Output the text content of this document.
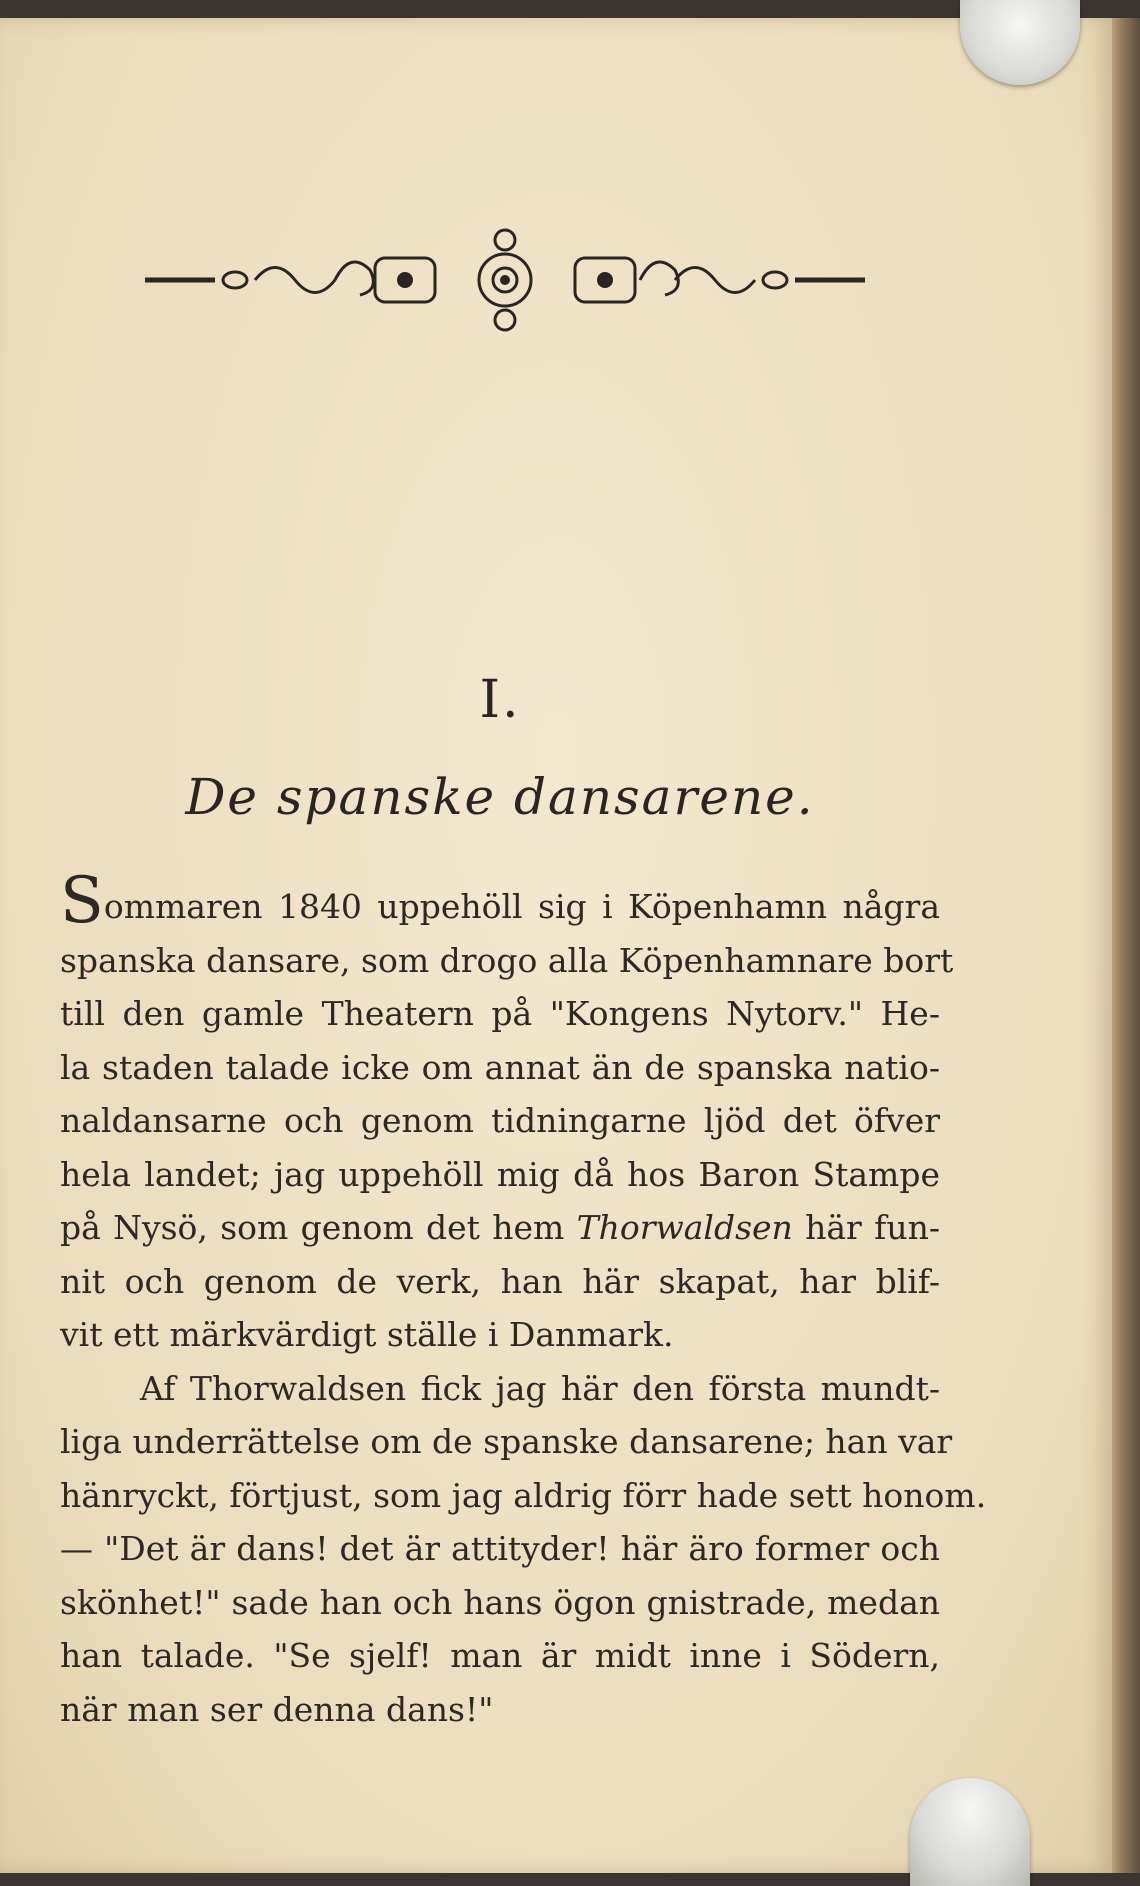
I.
De spanske dansarene.
Sommaren 1840 uppehöll sig i Köpenhamn några
spanska dansare, som drogo alla Köpenhamnare bort
till den gamle Theatern på "Kongens Nytorv." He-
la staden talade icke om annat än de spanska natio-
naldansarne och genom tidningarne ljöd det öfver
hela landet; jag uppehöll mig då hos Baron Stampe
på Nysö, som genom det hem Thorwaldsen här fun-
nit och genom de verk, han här skapat, har blif-
vit ett märkvärdigt ställe i Danmark.
Af Thorwaldsen fick jag här den första mundt-
liga underrättelse om de spanske dansarene; han var
hänryckt, förtjust, som jag aldrig förr hade sett honom.
— "Det är dans! det är attityder! här äro former och
skönhet!" sade han och hans ögon gnistrade, medan
han talade. "Se sjelf! man är midt inne i Södern,
när man ser denna dans!"
